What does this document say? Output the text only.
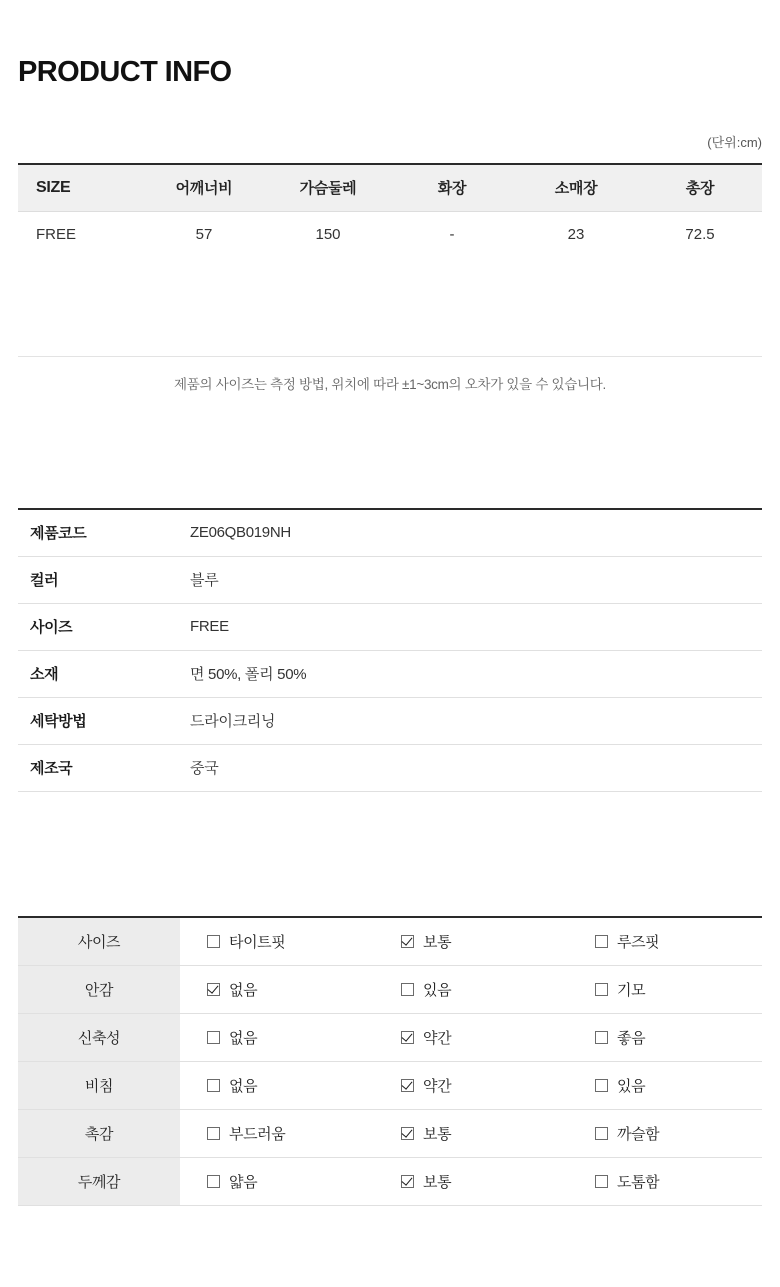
PRODUCT INFO
(단위:cm)
SIZE	어깨너비	가슴둘레	화장	소매장	총장
FREE	57	150	-	23	72.5
제품의 사이즈는 측정 방법, 위치에 따라 ±1~3cm의 오차가 있을 수 있습니다.
제품코드	ZE06QB019NH
컬러	블루
사이즈	FREE
소재	면 50%, 폴리 50%
세탁방법	드라이크리닝
제조국	중국
사이즈	타이트핏	보통	루즈핏

안감	없음	있음	기모

신축성	없음	약간	좋음

비침	없음	약간	있음

촉감	부드러움	보통	까슬함

두께감	얇음	보통	도톰함
